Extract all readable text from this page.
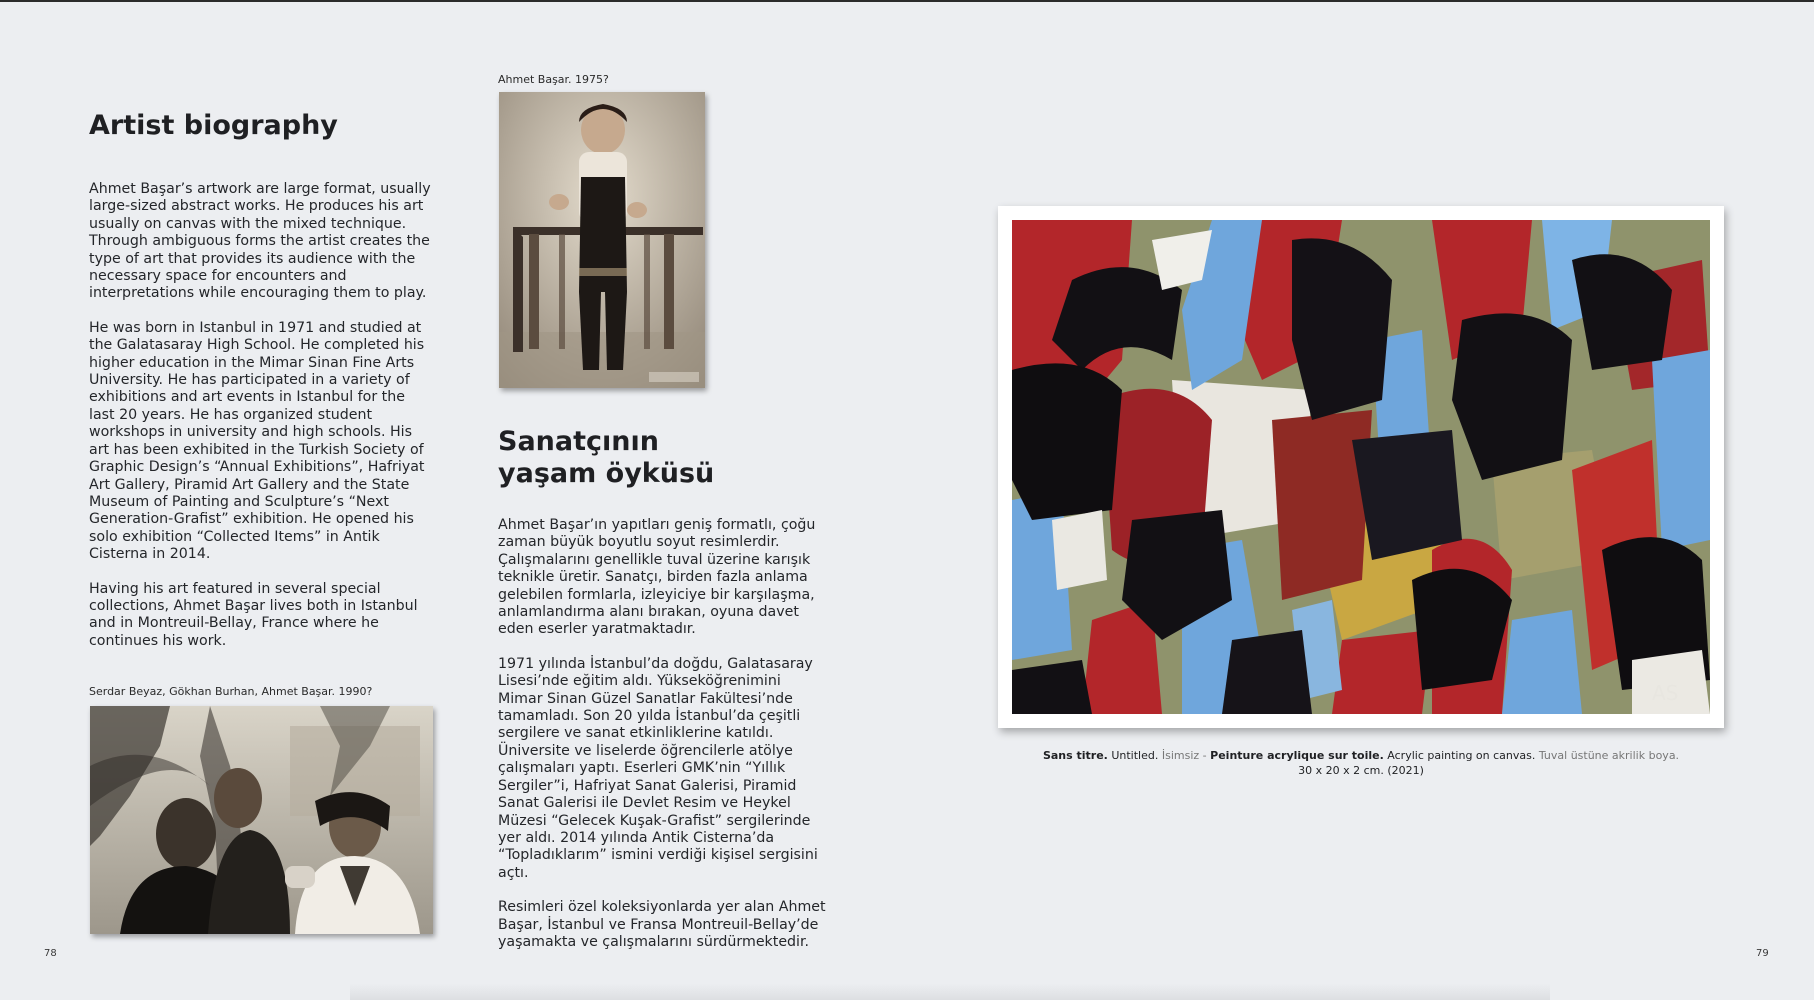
Artist biography

Ahmet Başar’s artwork are large format, usually large-sized abstract works. He produces his art usually on canvas with the mixed technique. Through ambiguous forms the artist creates the type of art that provides its audience with the necessary space for encounters and interpretations while encouraging them to play.

He was born in Istanbul in 1971 and studied at the Galatasaray High School. He completed his higher education in the Mimar Sinan Fine Arts University. He has participated in a variety of exhibitions and art events in Istanbul for the last 20 years. He has organized student workshops in university and high schools. His art has been exhibited in the Turkish Society of Graphic Design’s “Annual Exhibitions”, Hafriyat Art Gallery, Piramid Art Gallery and the State Museum of Painting and Sculpture’s “Next Generation-Grafist” exhibition. He opened his solo exhibition “Collected Items” in Antik Cisterna in 2014.

Having his art featured in several special collections, Ahmet Başar lives both in Istanbul and in Montreuil-Bellay, France where he continues his work.

Serdar Beyaz, Gökhan Burhan, Ahmet Başar. 1990?
78
Ahmet Başar. 1975?
Sanatçının
yaşam öyküsü

Ahmet Başar’ın yapıtları geniş formatlı, çoğu zaman büyük boyutlu soyut resimlerdir. Çalışmalarını genellikle tuval üzerine karışık teknikle üretir. Sanatçı, birden fazla anlama gelebilen formlarla, izleyiciye bir karşılaşma, anlamlandırma alanı bırakan, oyuna davet eden eserler yaratmaktadır.

1971 yılında İstanbul’da doğdu, Galatasaray Lisesi’nde eğitim aldı. Yükseköğrenimini Mimar Sinan Güzel Sanatlar Fakültesi’nde tamamladı. Son 20 yılda İstanbul’da çeşitli sergilere ve sanat etkinliklerine katıldı. Üniversite ve liselerde öğrencilerle atölye çalışmaları yaptı. Eserleri GMK’nin “Yıllık Sergiler”i, Hafriyat Sanat Galerisi, Piramid Sanat Galerisi ile Devlet Resim ve Heykel Müzesi “Gelecek Kuşak-Grafist” sergilerinde yer aldı. 2014 yılında Antik Cisterna’da “Topladıklarım” ismini verdiği kişisel sergisini açtı.

Resimleri özel koleksiyonlarda yer alan Ahmet Başar, İstanbul ve Fransa Montreuil-Bellay’de yaşamakta ve çalışmalarını sürdürmektedir.

AS
Sans titre. Untitled. İsimsiz - Peinture acrylique sur toile. Acrylic painting on canvas. Tuval üstüne akrilik boya.
30 x 20 x 2 cm. (2021)
79
